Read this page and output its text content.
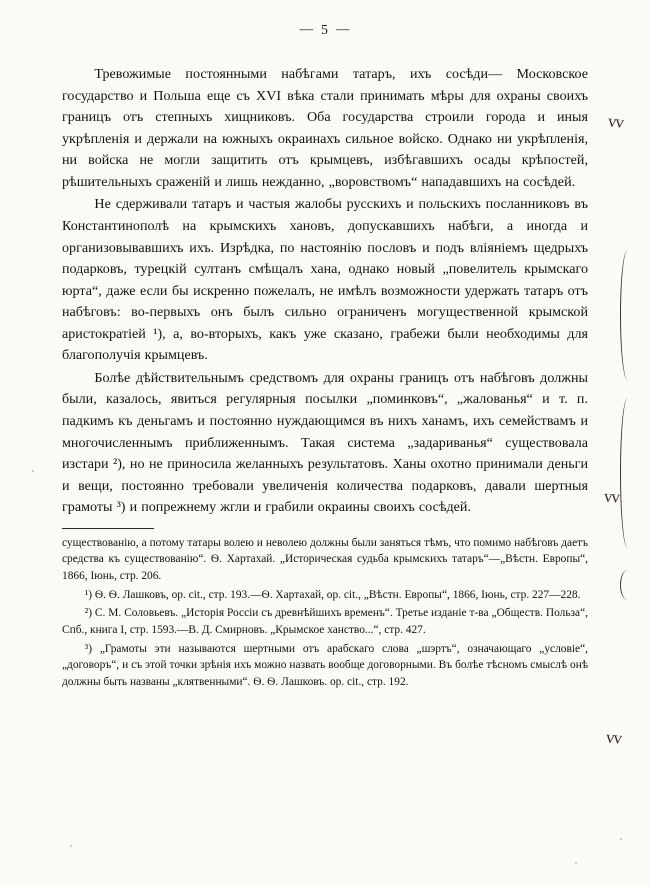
— 5 —

Тревожимые постоянными набѣгами татаръ, ихъ сосѣди— Московское государство и Польша еще съ XVI вѣка стали принимать мѣры для охраны своихъ границъ отъ степныхъ хищниковъ. Оба государства строили города и иныя укрѣпленія и держали на южныхъ окраинахъ сильное войско. Однако ни укрѣпленія, ни войска не могли защитить отъ крымцевъ, избѣгавшихъ осады крѣпостей, рѣшительныхъ сраженій и лишь нежданно, „воровствомъ“ нападавшихъ на сосѣдей.

Не сдерживали татаръ и частыя жалобы русскихъ и польскихъ посланниковъ въ Константинополѣ на крымскихъ хановъ, допускавшихъ набѣги, а иногда и организовывавшихъ ихъ. Изрѣдка, по настоянію пословъ и подъ вліяніемъ щедрыхъ подарковъ, турецкій султанъ смѣщалъ хана, однако новый „повелитель крымскаго юрта“, даже если бы искренно пожелалъ, не имѣлъ возможности удержать татаръ отъ набѣговъ: во-первыхъ онъ былъ сильно ограниченъ могущественной крымской аристократіей ¹), а, во-вторыхъ, какъ уже сказано, грабежи были необходимы для благополучія крымцевъ.

Болѣе дѣйствительнымъ средствомъ для охраны границъ отъ набѣговъ должны были, казалось, явиться регулярныя посылки „поминковъ“, „жалованья“ и т. п. падкимъ къ деньгамъ и постоянно нуждающимся въ нихъ ханамъ, ихъ семействамъ и многочисленнымъ приближеннымъ. Такая система „задариванья“ существовала изстари ²), но не приносила желанныхъ результатовъ. Ханы охотно принимали деньги и вещи, постоянно требовали увеличенія количества подарковъ, давали шертныя грамоты ³) и попрежнему жгли и грабили окраины своихъ сосѣдей.

существованію, а потому татары волею и неволею должны были заняться тѣмъ, что помимо набѣговъ даетъ средства къ существованію“. Ѳ. Хартахай. „Историческая судьба крымскихъ татаръ“—„Вѣстн. Европы“, 1866, Іюнь, стр. 206.

¹) Ѳ. Ѳ. Лашковъ, ор. cit., стр. 193.—Ѳ. Хартахай, ор. cit., „Вѣстн. Европы“, 1866, Іюнь, стр. 227—228.

²) С. М. Соловьевъ. „Исторія Россіи съ древнѣйшихъ временъ“. Третье изданіе т-ва „Обществ. Польза“, Спб., книга I, стр. 1593.—В. Д. Смирновъ. „Крымское ханство...“, стр. 427.

³) „Грамоты эти называются шертными отъ арабскаго слова „шэртъ“, означающаго „условіе“, „договоръ“, и съ этой точки зрѣнія ихъ можно назвать вообще договорными. Въ болѣе тѣсномъ смыслѣ онѣ должны быть названы „клятвенными“. Ѳ. Ѳ. Лашковъ. ор. cit., стр. 192.

vv
vv
vv
